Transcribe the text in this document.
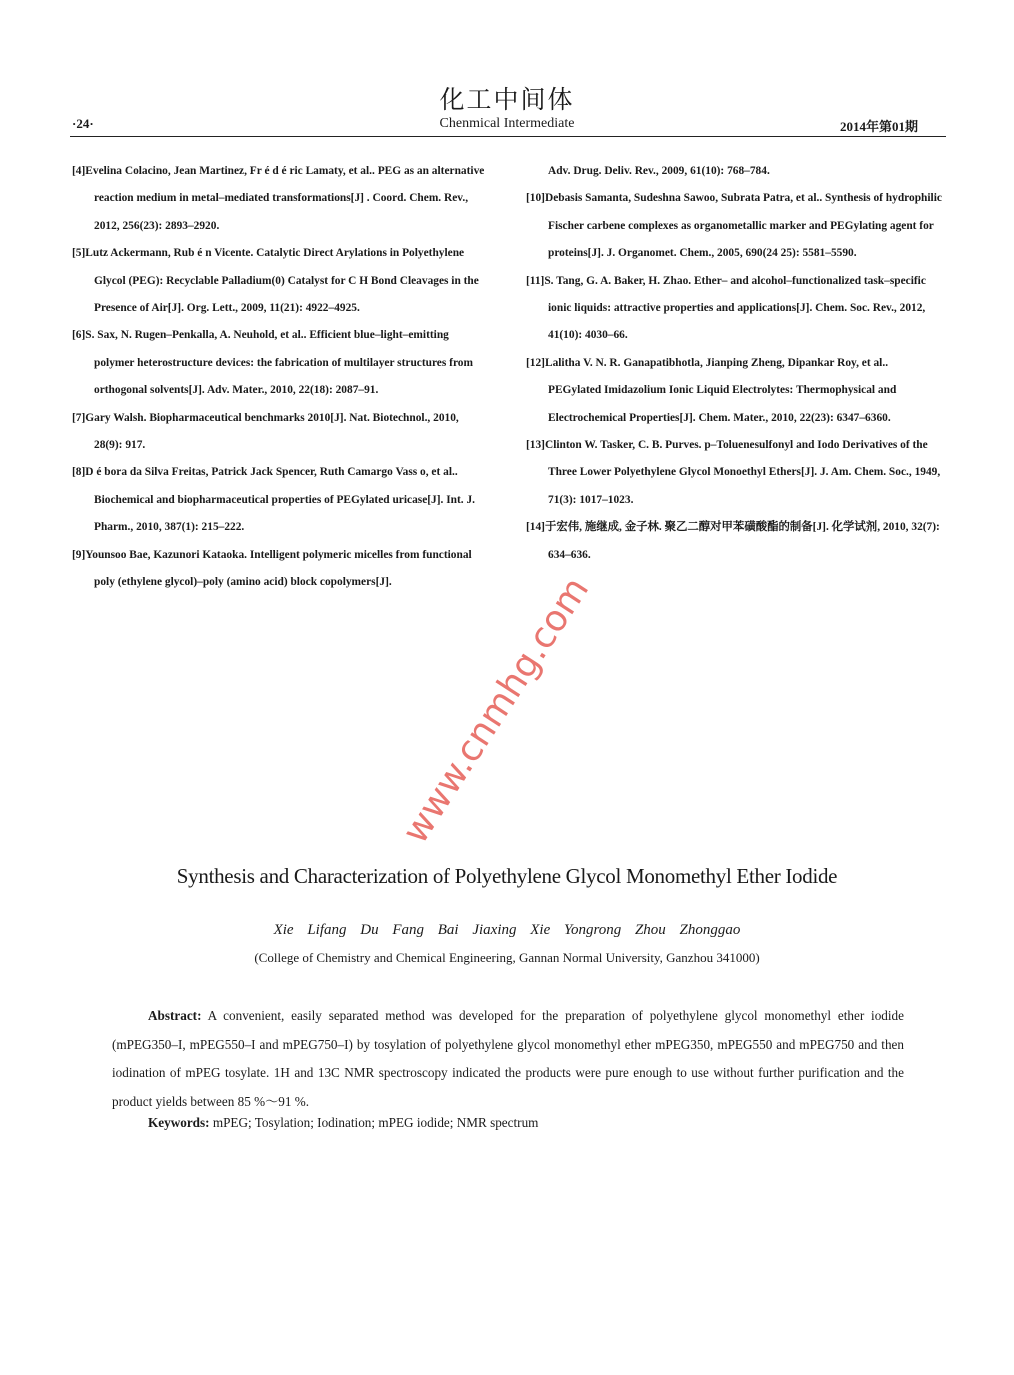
化工中间体
·24·	Chenmical Intermediate	2014年第01期

[4]Evelina Colacino, Jean Martinez, Fr é d é ric Lamaty, et al.. PEG as an alternative reaction medium in metal–mediated transformations[J] . Coord. Chem. Rev., 2012, 256(23): 2893–2920.

[5]Lutz Ackermann, Rub é n Vicente. Catalytic Direct Arylations in Polyethylene Glycol (PEG): Recyclable Palladium(0) Catalyst for C H Bond Cleavages in the Presence of Air[J]. Org. Lett., 2009, 11(21): 4922–4925.

[6]S. Sax, N. Rugen–Penkalla, A. Neuhold, et al.. Efficient blue–light–emitting polymer heterostructure devices: the fabrication of multilayer structures from orthogonal solvents[J]. Adv. Mater., 2010, 22(18): 2087–91.

[7]Gary Walsh. Biopharmaceutical benchmarks 2010[J]. Nat. Biotechnol., 2010, 28(9): 917.

[8]D é bora da Silva Freitas, Patrick Jack Spencer, Ruth Camargo Vass o, et al.. Biochemical and biopharmaceutical properties of PEGylated uricase[J]. Int. J. Pharm., 2010, 387(1): 215–222.

[9]Younsoo Bae, Kazunori Kataoka. Intelligent polymeric micelles from functional poly (ethylene glycol)–poly (amino acid) block copolymers[J].

Adv. Drug. Deliv. Rev., 2009, 61(10): 768–784.

[10]Debasis Samanta, Sudeshna Sawoo, Subrata Patra, et al.. Synthesis of hydrophilic Fischer carbene complexes as organometallic marker and PEGylating agent for proteins[J]. J. Organomet. Chem., 2005, 690(24 25): 5581–5590.

[11]S. Tang, G. A. Baker, H. Zhao. Ether– and alcohol–functionalized task–specific ionic liquids: attractive properties and applications[J]. Chem. Soc. Rev., 2012, 41(10): 4030–66.

[12]Lalitha V. N. R. Ganapatibhotla, Jianping Zheng, Dipankar Roy, et al.. PEGylated Imidazolium Ionic Liquid Electrolytes: Thermophysical and Electrochemical Properties[J]. Chem. Mater., 2010, 22(23): 6347–6360.

[13]Clinton W. Tasker, C. B. Purves. p–Toluenesulfonyl and Iodo Derivatives of the Three Lower Polyethylene Glycol Monoethyl Ethers[J]. J. Am. Chem. Soc., 1949, 71(3): 1017–1023.

[14]于宏伟, 施继成, 金子林. 聚乙二醇对甲苯磺酸酯的制备[J]. 化学试剂, 2010, 32(7): 634–636.

www.cnmhg.com
Synthesis and Characterization of Polyethylene Glycol Monomethyl Ether Iodide
Xie Lifang Du Fang Bai Jiaxing Xie Yongrong Zhou Zhonggao
(College of Chemistry and Chemical Engineering, Gannan Normal University, Ganzhou 341000)

Abstract: A convenient, easily separated method was developed for the preparation of polyethylene glycol monomethyl ether iodide (mPEG350–I, mPEG550–I and mPEG750–I) by tosylation of polyethylene glycol monomethyl ether mPEG350, mPEG550 and mPEG750 and then iodination of mPEG tosylate. 1H and 13C NMR spectroscopy indicated the products were pure enough to use without further purification and the product yields between 85 %～91 %.

Keywords: mPEG; Tosylation; Iodination; mPEG iodide; NMR spectrum
